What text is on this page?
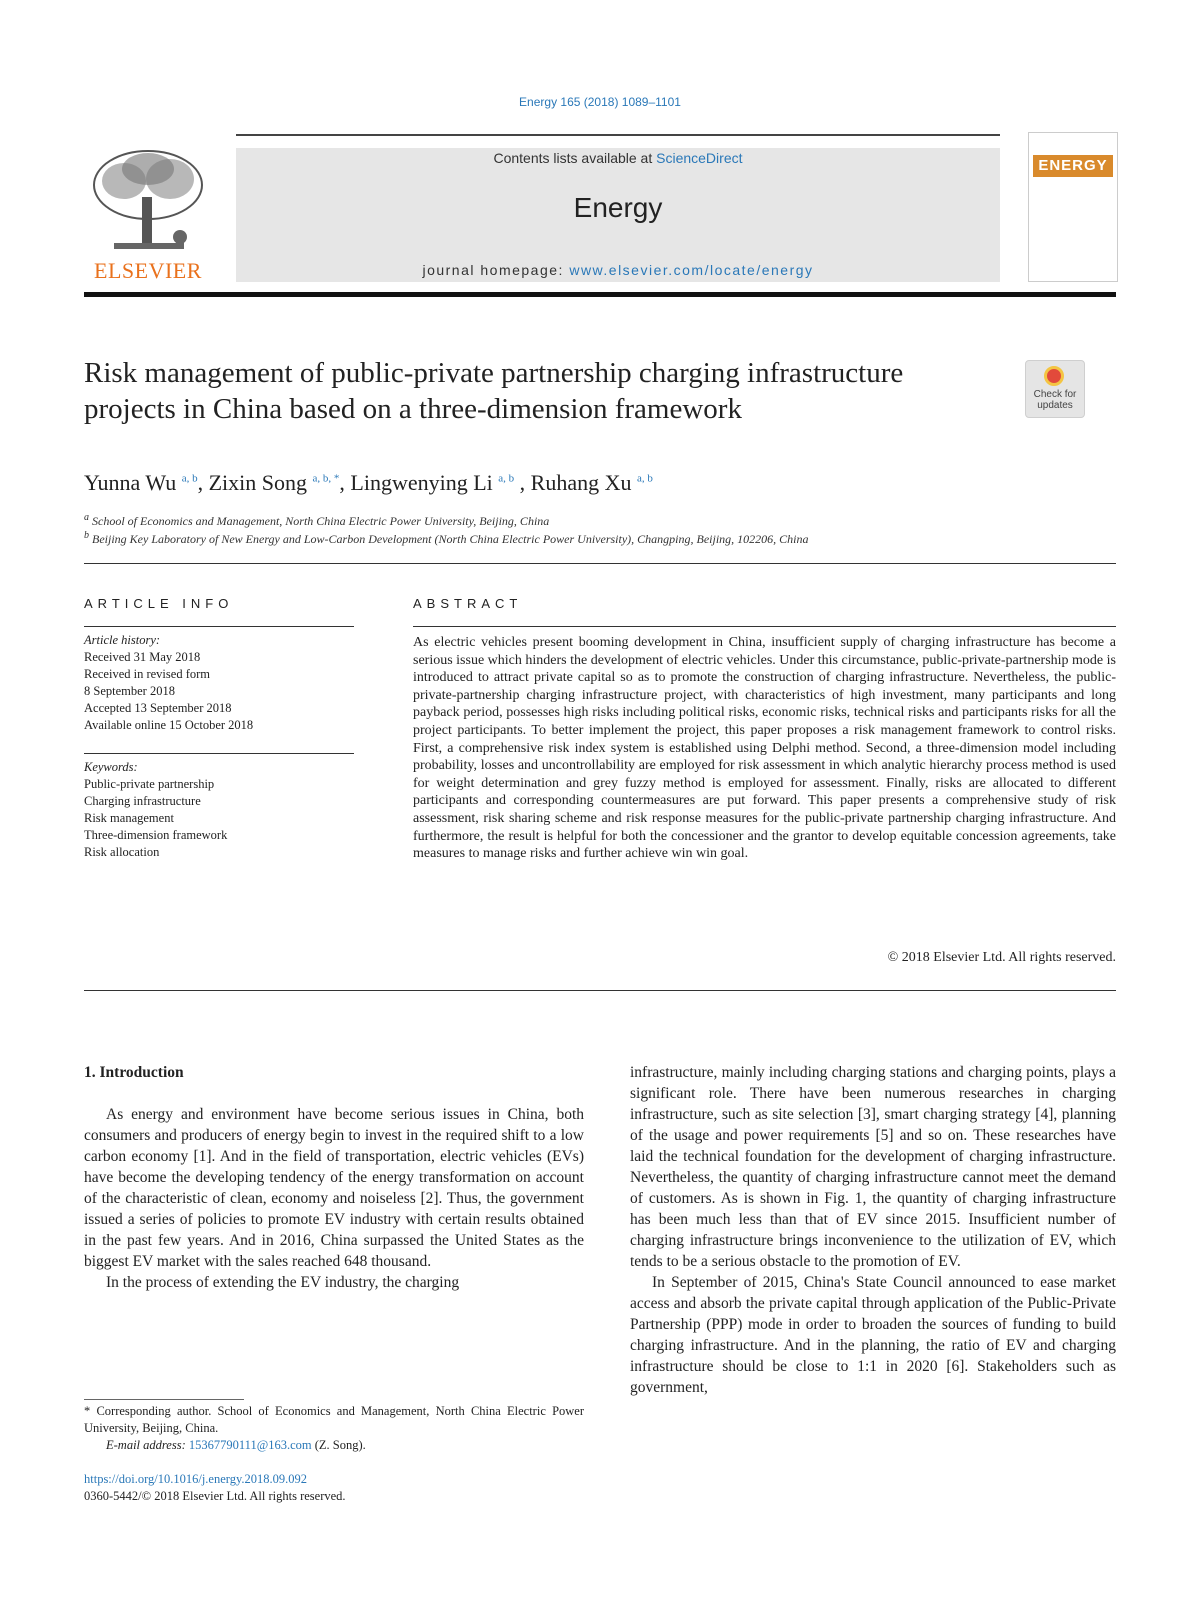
Energy 165 (2018) 1089–1101
ELSEVIER
Contents lists available at ScienceDirect
Energy
journal homepage: www.elsevier.com/locate/energy
ENERGY
Risk management of public-private partnership charging infrastructure projects in China based on a three-dimension framework	Check for
updates
Yunna Wu $^{a, b}$, Zixin Song $^{a, b, *}$, Lingwenying Li $^{a, b}$ , Ruhang Xu $^{a, b}$
$^a$ School of Economics and Management, North China Electric Power University, Beijing, China
$^b$ Beijing Key Laboratory of New Energy and Low-Carbon Development (North China Electric Power University), Changping, Beijing, 102206, China
ARTICLE INFO
Article history:
Received 31 May 2018
Received in revised form
8 September 2018
Accepted 13 September 2018
Available online 15 October 2018
Keywords:
Public-private partnership
Charging infrastructure
Risk management
Three-dimension framework
Risk allocation
ABSTRACT
As electric vehicles present booming development in China, insufficient supply of charging infrastructure has become a serious issue which hinders the development of electric vehicles. Under this circumstance, public-private-partnership mode is introduced to attract private capital so as to promote the construction of charging infrastructure. Nevertheless, the public-private-partnership charging infrastructure project, with characteristics of high investment, many participants and long payback period, possesses high risks including political risks, economic risks, technical risks and participants risks for all the project participants. To better implement the project, this paper proposes a risk management framework to control risks. First, a comprehensive risk index system is established using Delphi method. Second, a three-dimension model including probability, losses and uncontrollability are employed for risk assessment in which analytic hierarchy process method is used for weight determination and grey fuzzy method is employed for assessment. Finally, risks are allocated to different participants and corresponding countermeasures are put forward. This paper presents a comprehensive study of risk assessment, risk sharing scheme and risk response measures for the public-private partnership charging infrastructure. And furthermore, the result is helpful for both the concessioner and the grantor to develop equitable concession agreements, take measures to manage risks and further achieve win win goal.
© 2018 Elsevier Ltd. All rights reserved.
1. Introduction

As energy and environment have become serious issues in China, both consumers and producers of energy begin to invest in the required shift to a low carbon economy [1]. And in the field of transportation, electric vehicles (EVs) have become the developing tendency of the energy transformation on account of the characteristic of clean, economy and noiseless [2]. Thus, the government issued a series of policies to promote EV industry with certain results obtained in the past few years. And in 2016, China surpassed the United States as the biggest EV market with the sales reached 648 thousand.

In the process of extending the EV industry, the charging

infrastructure, mainly including charging stations and charging points, plays a significant role. There have been numerous researches in charging infrastructure, such as site selection [3], smart charging strategy [4], planning of the usage and power requirements [5] and so on. These researches have laid the technical foundation for the development of charging infrastructure. Nevertheless, the quantity of charging infrastructure cannot meet the demand of customers. As is shown in Fig. 1, the quantity of charging infrastructure has been much less than that of EV since 2015. Insufficient number of charging infrastructure brings inconvenience to the utilization of EV, which tends to be a serious obstacle to the promotion of EV.

In September of 2015, China's State Council announced to ease market access and absorb the private capital through application of the Public-Private Partnership (PPP) mode in order to broaden the sources of funding to build charging infrastructure. And in the planning, the ratio of EV and charging infrastructure should be close to 1:1 in 2020 [6]. Stakeholders such as government,

* Corresponding author. School of Economics and Management, North China Electric Power University, Beijing, China.
E-mail address: 15367790111@163.com (Z. Song).
https://doi.org/10.1016/j.energy.2018.09.092
0360-5442/© 2018 Elsevier Ltd. All rights reserved.
